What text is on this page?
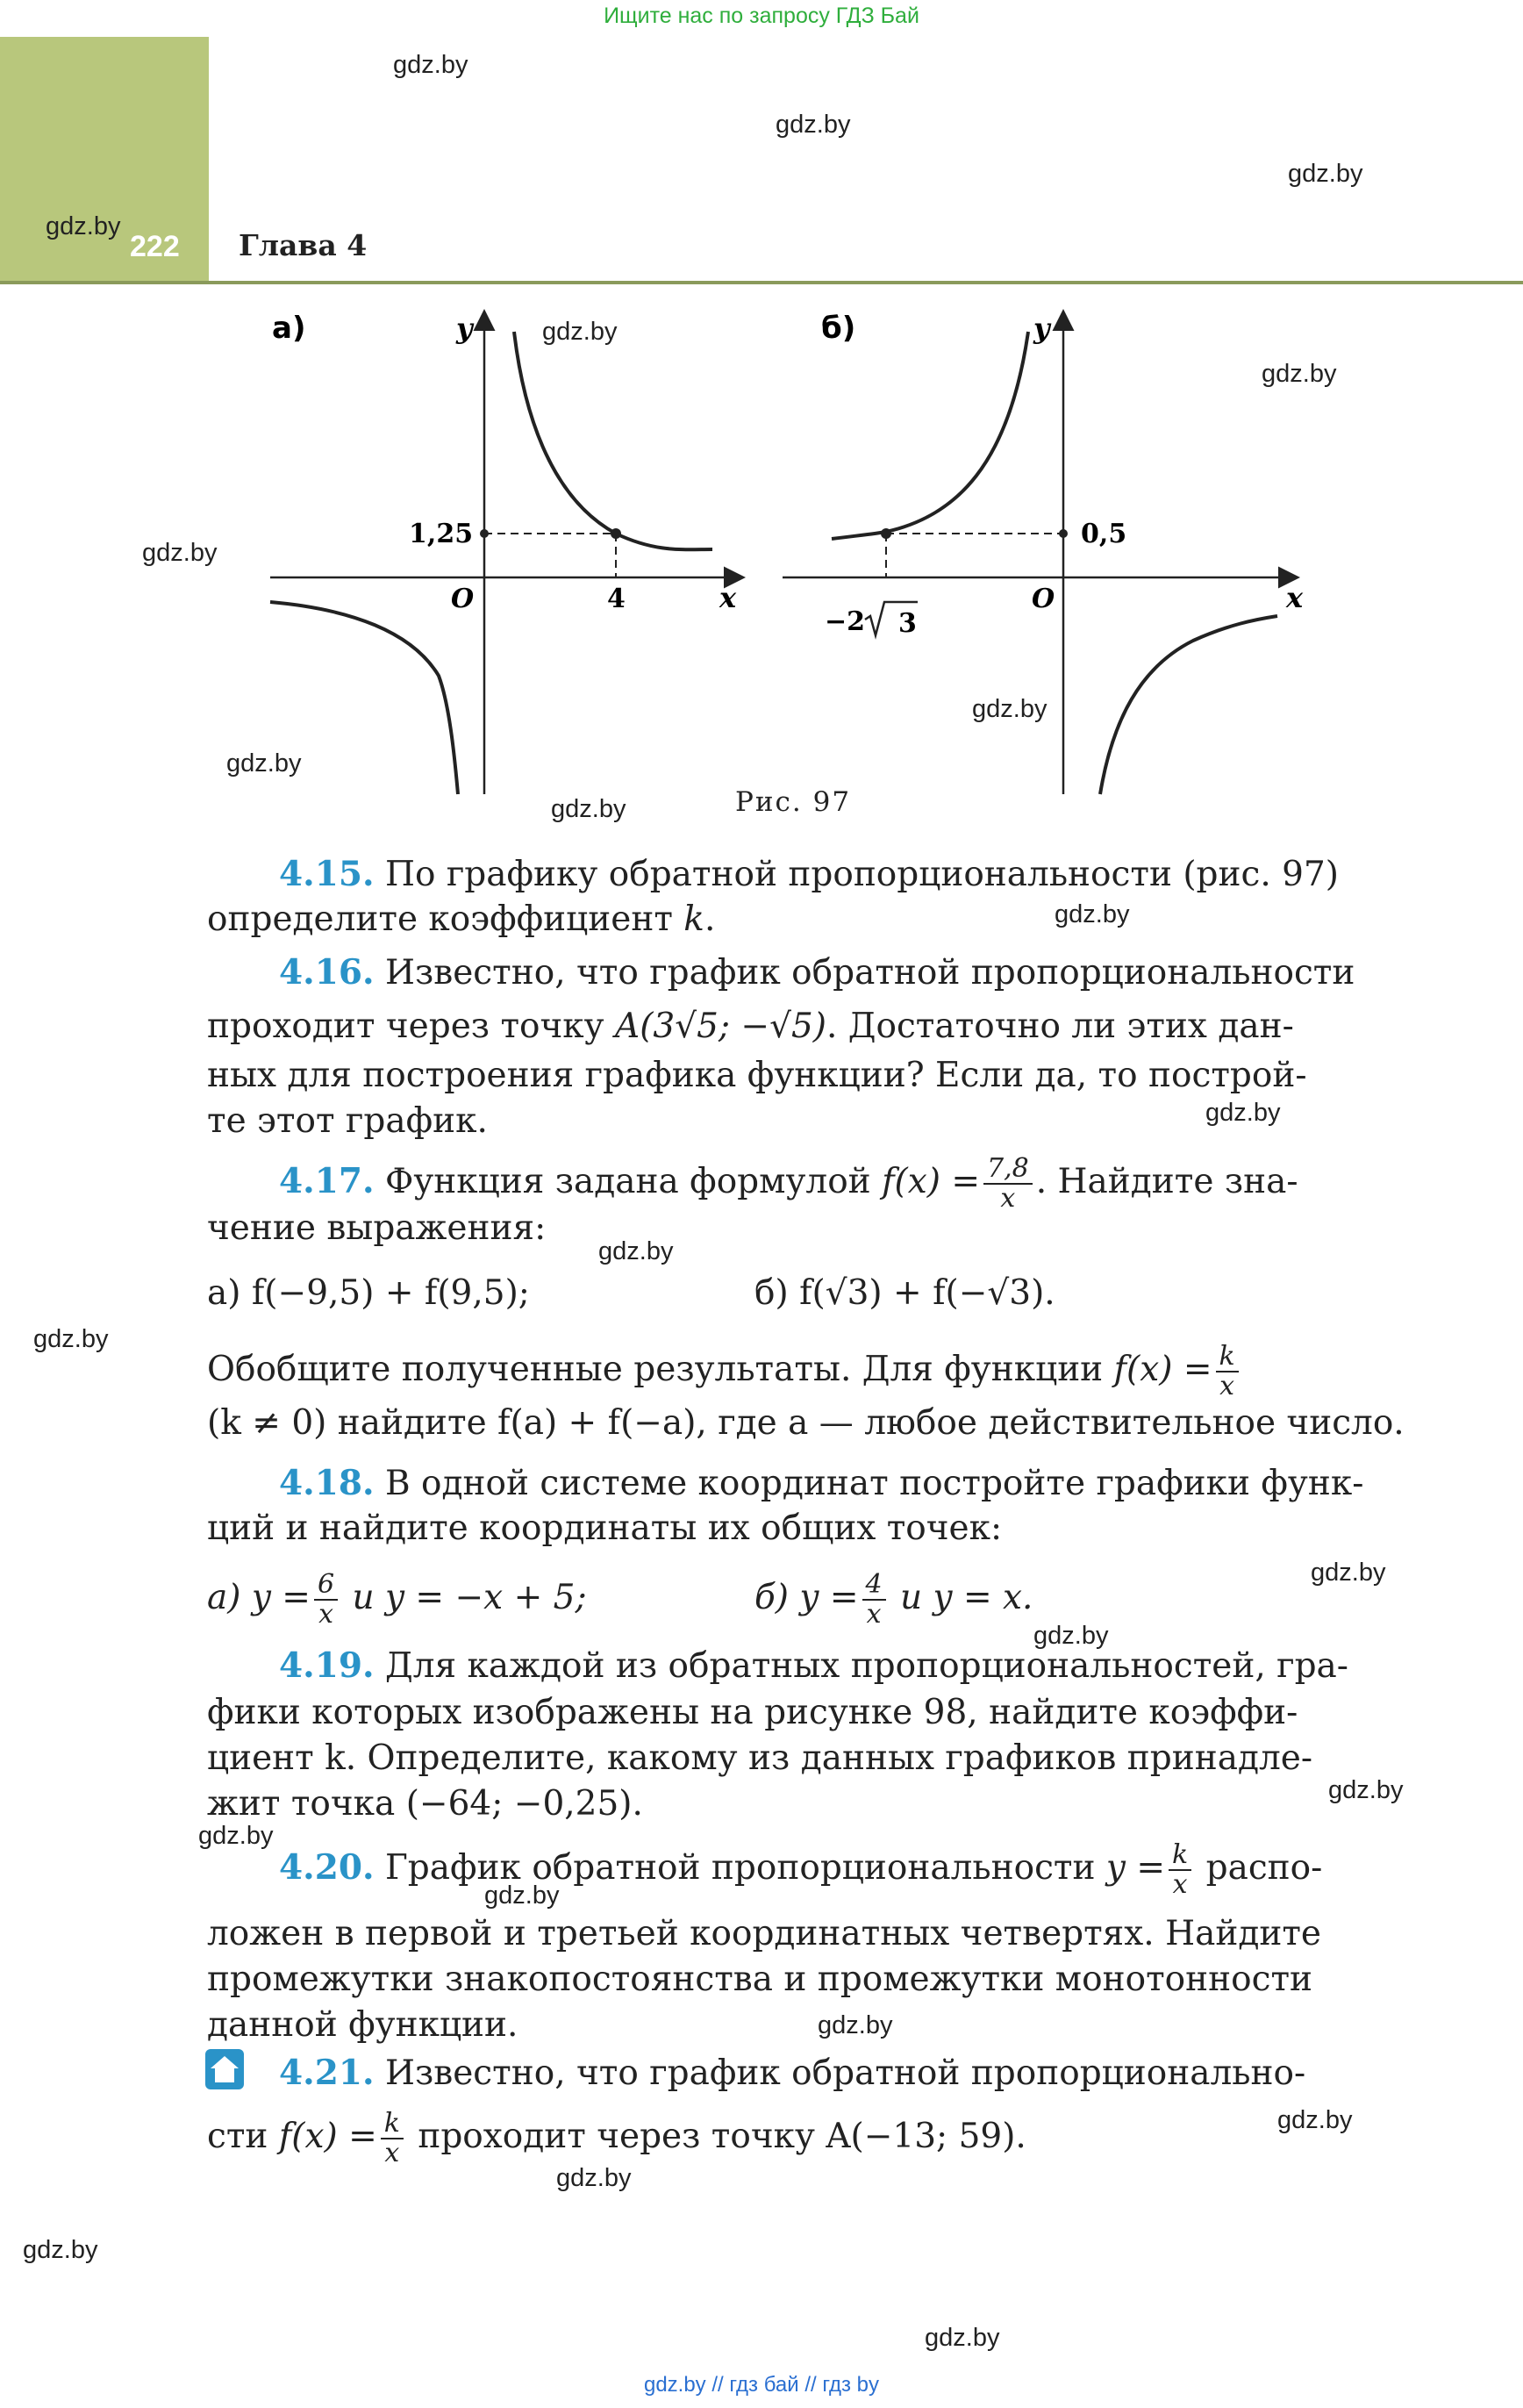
Ищите нас по запросу ГДЗ Бай
222 Глава 4
gdz.by
gdz.by
gdz.by
gdz.by
gdz.by
gdz.by
gdz.by
gdz.by
gdz.by
gdz.by
gdz.by
gdz.by
gdz.by
gdz.by
gdz.by
gdz.by
gdz.by
gdz.by
gdz.by
gdz.by
gdz.by
gdz.by
gdz.by
gdz.by
а)	y
x
O	4
1,25
б)	y
x
O
0,5
−2 3
Рис. 97
4.15. По графику обратной пропорциональности (рис. 97)
определите коэффициент k.
4.16. Известно, что график обратной пропорциональности
проходит через точку A(3√5; −√5). Достаточно ли этих дан-
ных для построения графика функции? Если да, то построй-
те этот график.
4.17. Функция задана формулой $f(x) = \frac{7,8}{x}$ . Найдите зна-
чение выражения:
а) f(−9,5) + f(9,5);	б) f(√3) + f(−√3).
Обобщите полученные результаты. Для функции $f(x) = \frac{k}{x}$
(k ≠ 0) найдите f(a) + f(−a), где a — любое действительное число.
4.18. В одной системе координат постройте графики функ-
ций и найдите координаты их общих точек:
а) $y = \frac{6}{x}$ и y = −x + 5;	б) $y = \frac{4}{x}$ и y = x.
4.19. Для каждой из обратных пропорциональностей, гра-
фики которых изображены на рисунке 98, найдите коэффи-
циент k. Определите, какому из данных графиков принадле-
жит точка (−64; −0,25).
4.20. График обратной пропорциональности $y = \frac{k}{x}$ распо-
ложен в первой и третьей координатных четвертях. Найдите
промежутки знакопостоянства и промежутки монотонности
данной функции.
4.21. Известно, что график обратной пропорционально-
сти $f(x) = \frac{k}{x}$ проходит через точку A(−13; 59).
gdz.by // гдз бай // гдз by
